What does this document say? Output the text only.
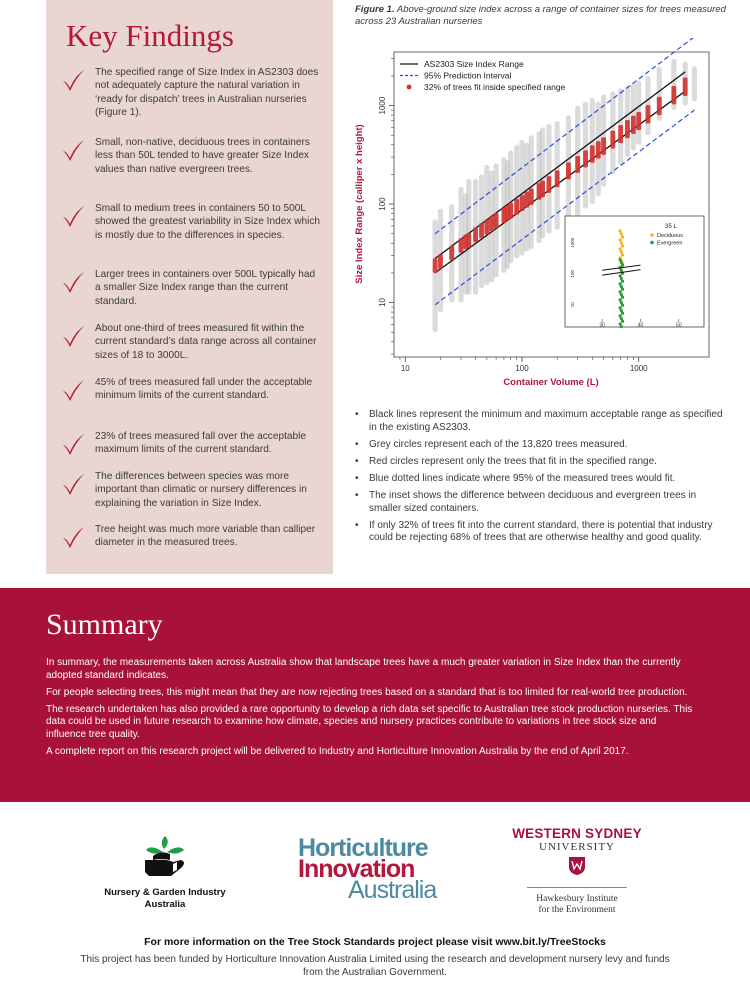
Key Findings
The specified range of Size Index in AS2303 does not adequately capture the natural variation in ‘ready for dispatch’ trees in Australian nurseries (Figure 1).
Small, non-native, deciduous trees in containers less than 50L tended to have greater Size Index values than native evergreen trees.
Small to medium trees in containers 50 to 500L showed the greatest variability in Size Index which is mostly due to the differences in species.
Larger trees in containers over 500L typically had a smaller Size Index range than the current standard.
About one-third of trees measured fit within the current standard’s data range across all container sizes of 18 to 3000L.
45% of trees measured fall under the acceptable minimum limits of the current standard.
23% of trees measured fall over the acceptable maximum limits of the current standard.
The differences between species was more important than climatic or nursery differences in explaining the variation in Size Index.
Tree height was much more variable than calliper diameter in the measured trees.
Figure 1. Above-ground size index across a range of container sizes for trees measured across 23 Australian nurseries
10	100	1000
10
100
1000
Container Volume (L)
Size Index Range (calliper x height)
AS2303 Size Index Range
95% Prediction Interval
32% of trees fit inside specified range
35 L
Deciduous
Evergreen
30	40	50
1000
100
10
• Black lines represent the minimum and maximum acceptable range as specified in the existing AS2303.
• Grey circles represent each of the 13,820 trees measured.
• Red circles represent only the trees that fit in the specified range.
• Blue dotted lines indicate where 95% of the measured trees would fit.
• The inset shows the difference between deciduous and evergreen trees in smaller sized containers.
• If only 32% of trees fit into the current standard, there is potential that industry could be rejecting 68% of trees that are otherwise healthy and good quality.
Summary

In summary, the measurements taken across Australia show that landscape trees have a much greater variation in Size Index than the currently adopted standard indicates.

For people selecting trees, this might mean that they are now rejecting trees based on a standard that is too limited for real-world tree production.

The research undertaken has also provided a rare opportunity to develop a rich data set specific to Australian tree stock production nurseries. This data could be used in future research to examine how climate, species and nursery practices contribute to variations in tree stock size and influence tree quality.

A complete report on this research project will be delivered to Industry and Horticulture Innovation Australia by the end of April 2017.

Nursery & Garden Industry
Australia
Horticulture
Innovation
Australia
WESTERN SYDNEY
UNIVERSITY
Hawkesbury Institute
for the Environment
For more information on the Tree Stock Standards project please visit www.bit.ly/TreeStocks
This project has been funded by Horticulture Innovation Australia Limited using the research and development nursery levy and funds from the Australian Government.
